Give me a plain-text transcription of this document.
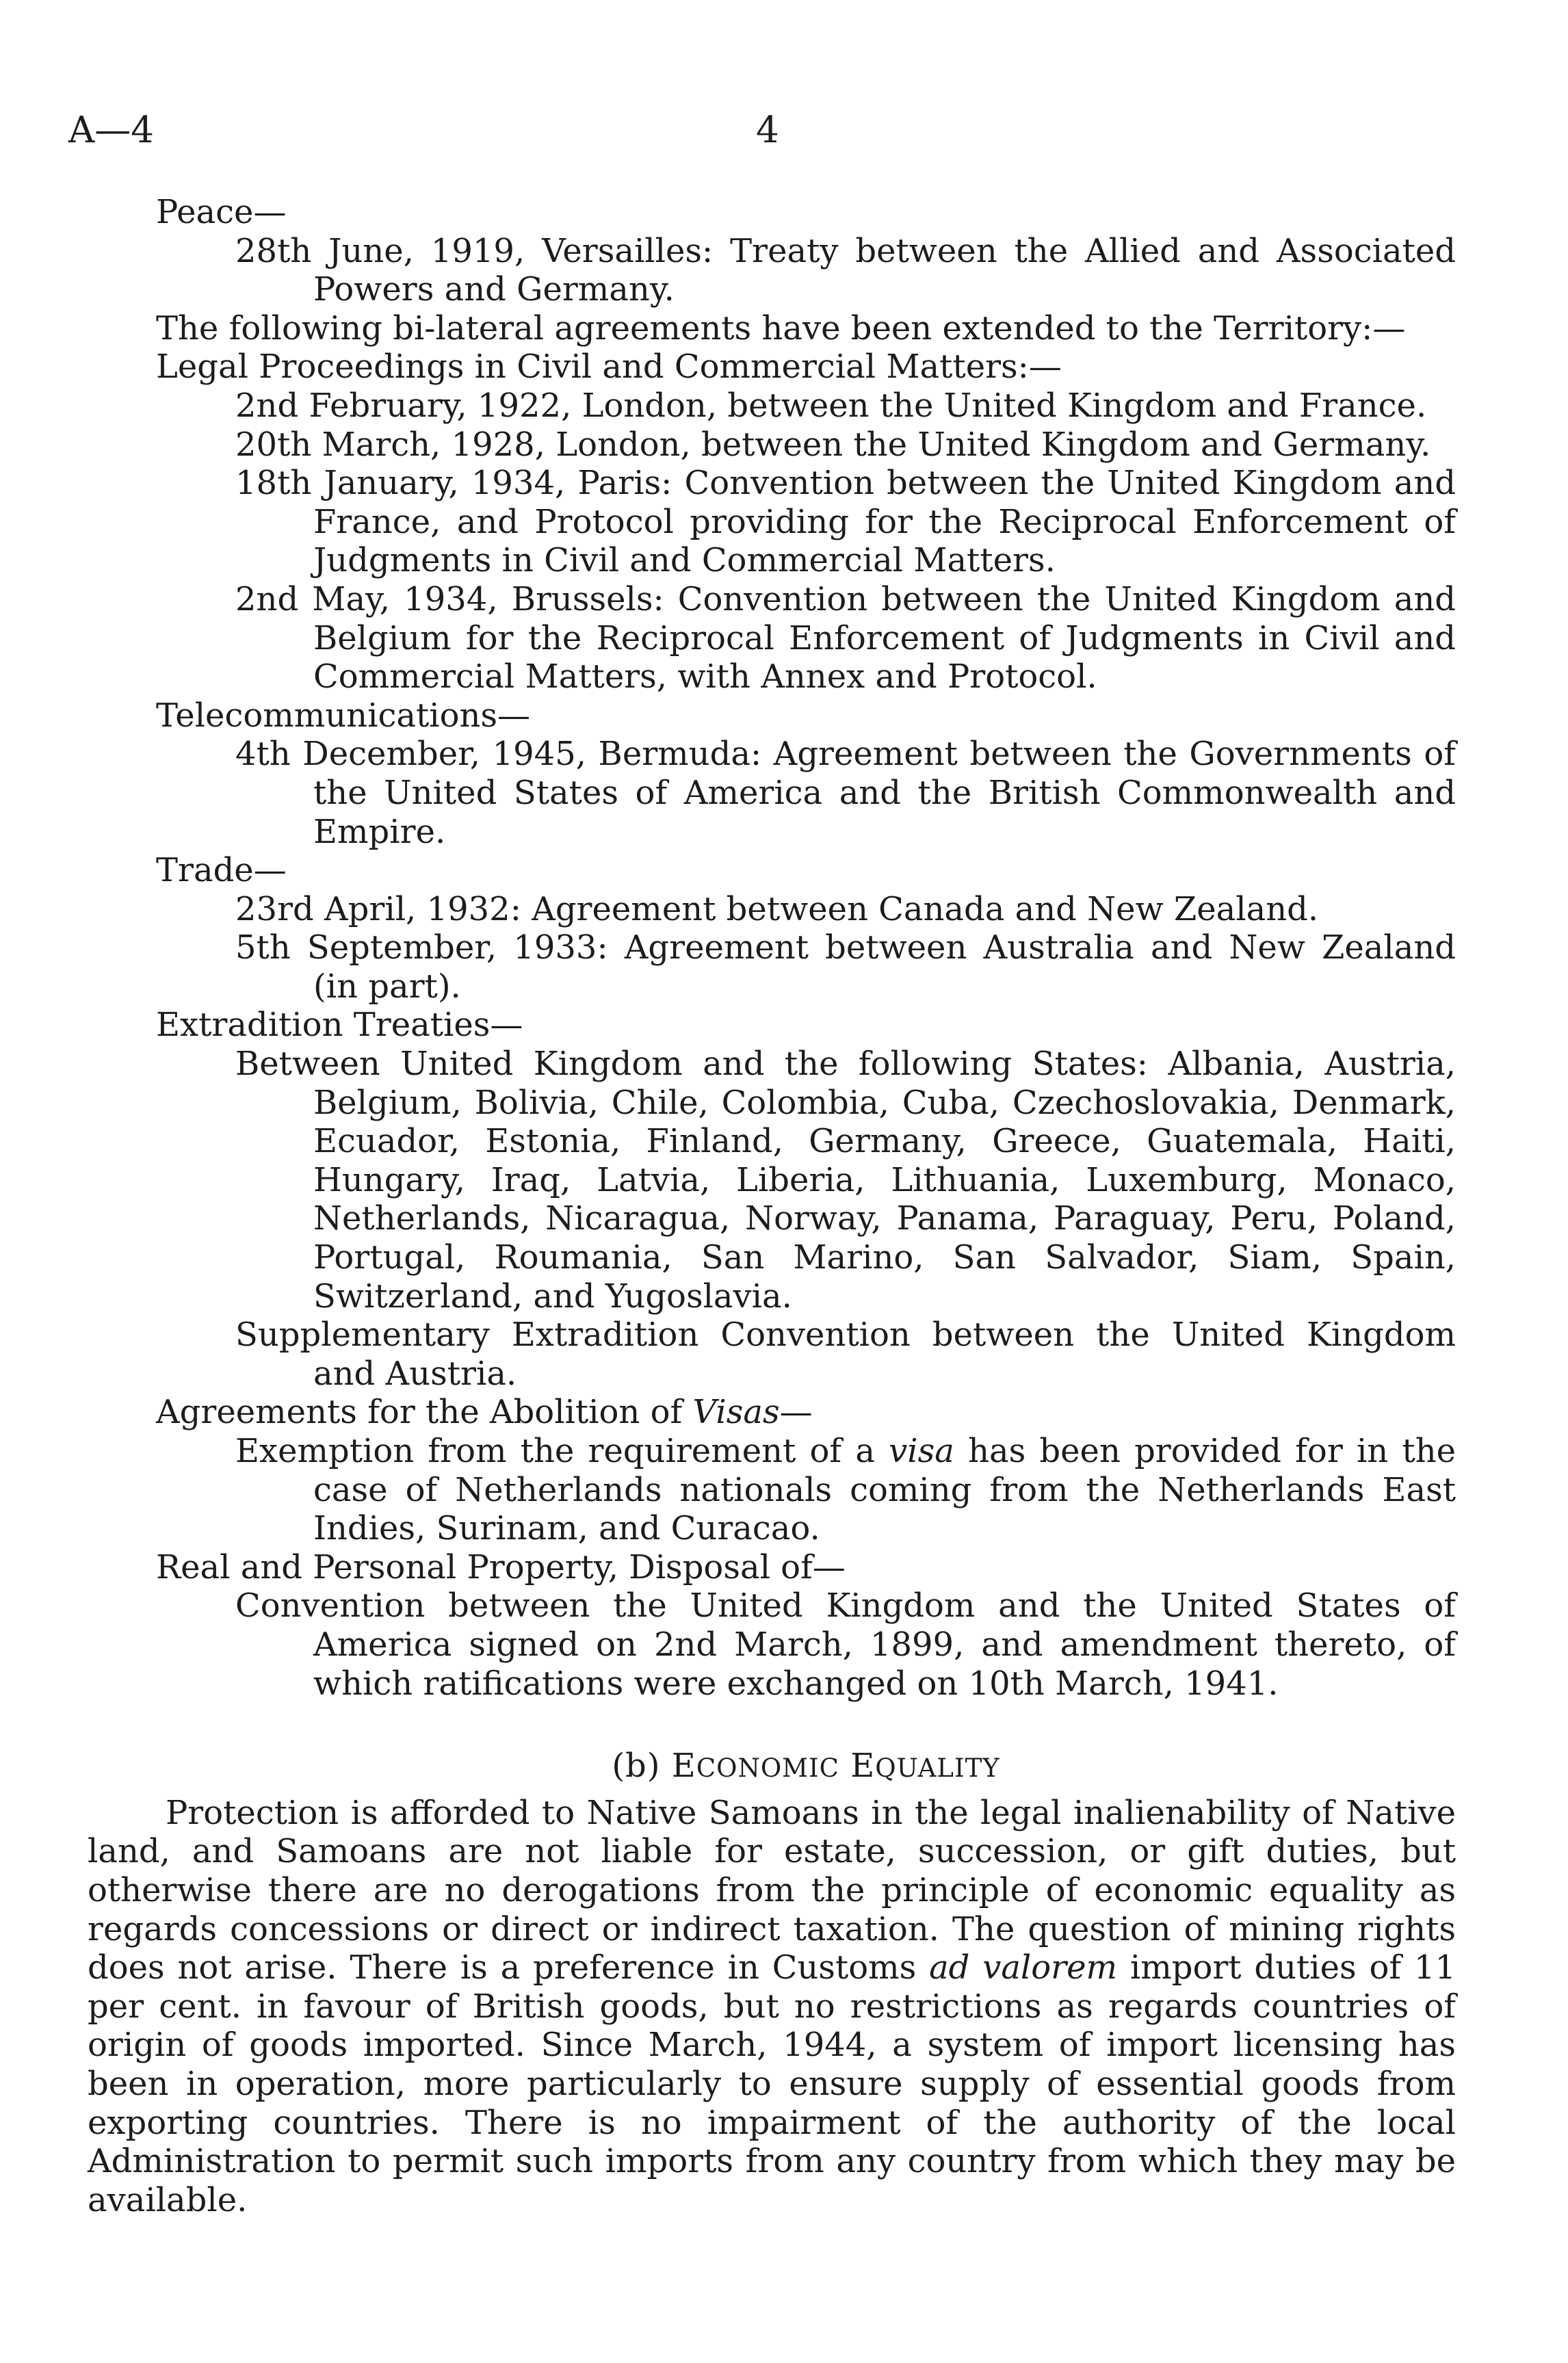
A—4	4

Peace—

28th June, 1919, Versailles: Treaty between the Allied and Associated Powers and Germany.

The following bi-lateral agreements have been extended to the Territory:—

Legal Proceedings in Civil and Commercial Matters:—

2nd February, 1922, London, between the United Kingdom and France.

20th March, 1928, London, between the United Kingdom and Germany.

18th January, 1934, Paris: Convention between the United Kingdom and France, and Protocol providing for the Reciprocal Enforcement of Judgments in Civil and Commercial Matters.

2nd May, 1934, Brussels: Convention between the United Kingdom and Belgium for the Reciprocal Enforcement of Judgments in Civil and Commercial Matters, with Annex and Protocol.

Telecommunications—

4th December, 1945, Bermuda: Agreement between the Governments of the United States of America and the British Commonwealth and Empire.

Trade—

23rd April, 1932: Agreement between Canada and New Zealand.

5th September, 1933: Agreement between Australia and New Zealand (in part).

Extradition Treaties—

Between United Kingdom and the following States: Albania, Austria, Belgium, Bolivia, Chile, Colombia, Cuba, Czechoslovakia, Denmark, Ecuador, Estonia, Finland, Germany, Greece, Guatemala, Haiti, Hungary, Iraq, Latvia, Liberia, Lithuania, Luxemburg, Monaco, Netherlands, Nicaragua, Norway, Panama, Paraguay, Peru, Poland, Portugal, Roumania, San Marino, San Salvador, Siam, Spain, Switzerland, and Yugoslavia.

Supplementary Extradition Convention between the United Kingdom and Austria.

Agreements for the Abolition of Visas—

Exemption from the requirement of a visa has been provided for in the case of Netherlands nationals coming from the Netherlands East Indies, Surinam, and Curacao.

Real and Personal Property, Disposal of—

Convention between the United Kingdom and the United States of America signed on 2nd March, 1899, and amendment thereto, of which ratifications were exchanged on 10th March, 1941.

(b) ECONOMIC EQUALITY

Protection is afforded to Native Samoans in the legal inalienability of Native land, and Samoans are not liable for estate, succession, or gift duties, but otherwise there are no derogations from the principle of economic equality as regards concessions or direct or indirect taxation. The question of mining rights does not arise. There is a preference in Customs ad valorem import duties of 11 per cent. in favour of British goods, but no restrictions as regards countries of origin of goods imported. Since March, 1944, a system of import licensing has been in operation, more particularly to ensure supply of essential goods from exporting countries. There is no impairment of the authority of the local Administration to permit such imports from any country from which they may be available.
